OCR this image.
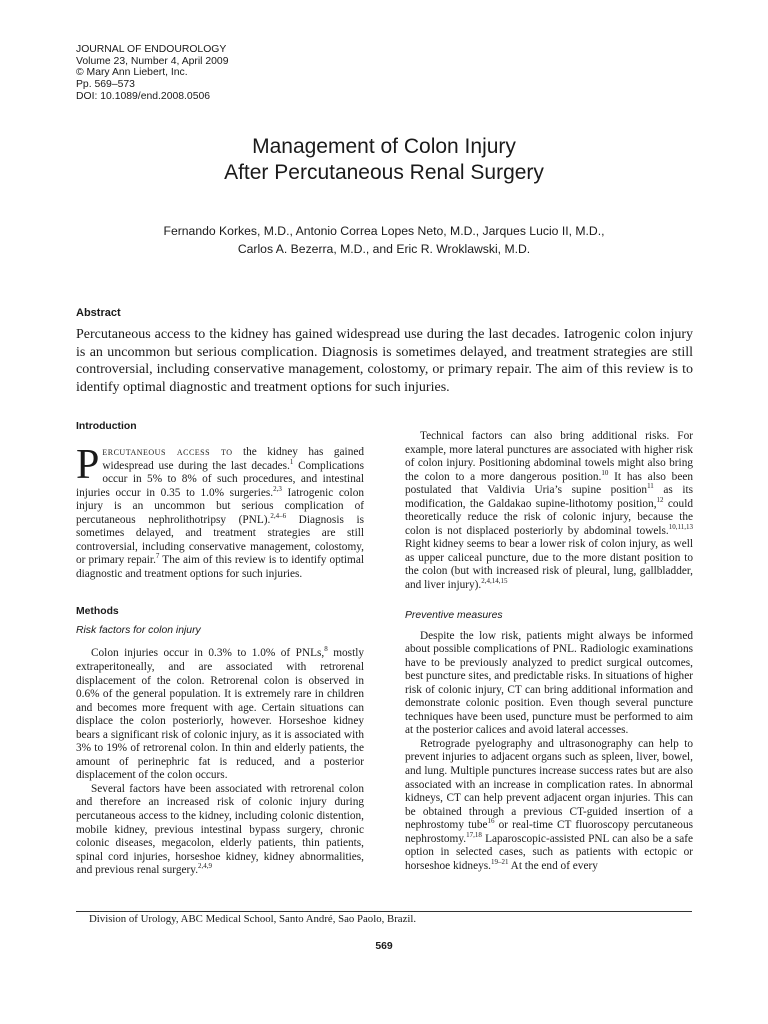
JOURNAL OF ENDOUROLOGY
Volume 23, Number 4, April 2009
© Mary Ann Liebert, Inc.
Pp. 569–573
DOI: 10.1089/end.2008.0506
Management of Colon Injury
After Percutaneous Renal Surgery
Fernando Korkes, M.D., Antonio Correa Lopes Neto, M.D., Jarques Lucio II, M.D.,
Carlos A. Bezerra, M.D., and Eric R. Wroklawski, M.D.
Abstract
Percutaneous access to the kidney has gained widespread use during the last decades. Iatrogenic colon injury is an uncommon but serious complication. Diagnosis is sometimes delayed, and treatment strategies are still controversial, including conservative management, colostomy, or primary repair. The aim of this review is to identify optimal diagnostic and treatment options for such injuries.
Introduction

Percutaneous access to the kidney has gained widespread use during the last decades.$^1$ Complications occur in 5% to 8% of such procedures, and intestinal injuries occur in 0.35 to 1.0% surgeries.$^{2,3}$ Iatrogenic colon injury is an uncommon but serious complication of percutaneous nephrolithotripsy (PNL).$^{2,4-6}$ Diagnosis is sometimes delayed, and treatment strategies are still controversial, including conservative management, colostomy, or primary repair.$^7$ The aim of this review is to identify optimal diagnostic and treatment options for such injuries.

Methods
Risk factors for colon injury

Colon injuries occur in 0.3% to 1.0% of PNLs,$^8$ mostly extraperitoneally, and are associated with retrorenal displacement of the colon. Retrorenal colon is observed in 0.6% of the general population. It is extremely rare in children and becomes more frequent with age. Certain situations can displace the colon posteriorly, however. Horseshoe kidney bears a significant risk of colonic injury, as it is associated with 3% to 19% of retrorenal colon. In thin and elderly patients, the amount of perinephric fat is reduced, and a posterior displacement of the colon occurs.

Several factors have been associated with retrorenal colon and therefore an increased risk of colonic injury during percutaneous access to the kidney, including colonic distention, mobile kidney, previous intestinal bypass surgery, chronic colonic diseases, megacolon, elderly patients, thin patients, spinal cord injuries, horseshoe kidney, kidney abnormalities, and previous renal surgery.$^{2,4,9}$

Technical factors can also bring additional risks. For example, more lateral punctures are associated with higher risk of colon injury. Positioning abdominal towels might also bring the colon to a more dangerous position.$^{10}$ It has also been postulated that Valdivia Uria’s supine position$^{11}$ as its modification, the Galdakao supine-lithotomy position,$^{12}$ could theoretically reduce the risk of colonic injury, because the colon is not displaced posteriorly by abdominal towels.$^{10,11,13}$ Right kidney seems to bear a lower risk of colon injury, as well as upper caliceal puncture, due to the more distant position to the colon (but with increased risk of pleural, lung, gallbladder, and liver injury).$^{2,4,14,15}$

Preventive measures

Despite the low risk, patients might always be informed about possible complications of PNL. Radiologic examinations have to be previously analyzed to predict surgical outcomes, best puncture sites, and predictable risks. In situations of higher risk of colonic injury, CT can bring additional information and demonstrate colonic position. Even though several puncture techniques have been used, puncture must be performed to aim at the posterior calices and avoid lateral accesses.

Retrograde pyelography and ultrasonography can help to prevent injuries to adjacent organs such as spleen, liver, bowel, and lung. Multiple punctures increase success rates but are also associated with an increase in complication rates. In abnormal kidneys, CT can help prevent adjacent organ injuries. This can be obtained through a previous CT-guided insertion of a nephrostomy tube$^{16}$ or real-time CT fluoroscopy percutaneous nephrostomy.$^{17,18}$ Laparoscopic-assisted PNL can also be a safe option in selected cases, such as patients with ectopic or horseshoe kidneys.$^{19-21}$ At the end of every

Division of Urology, ABC Medical School, Santo André, Sao Paolo, Brazil.
569
